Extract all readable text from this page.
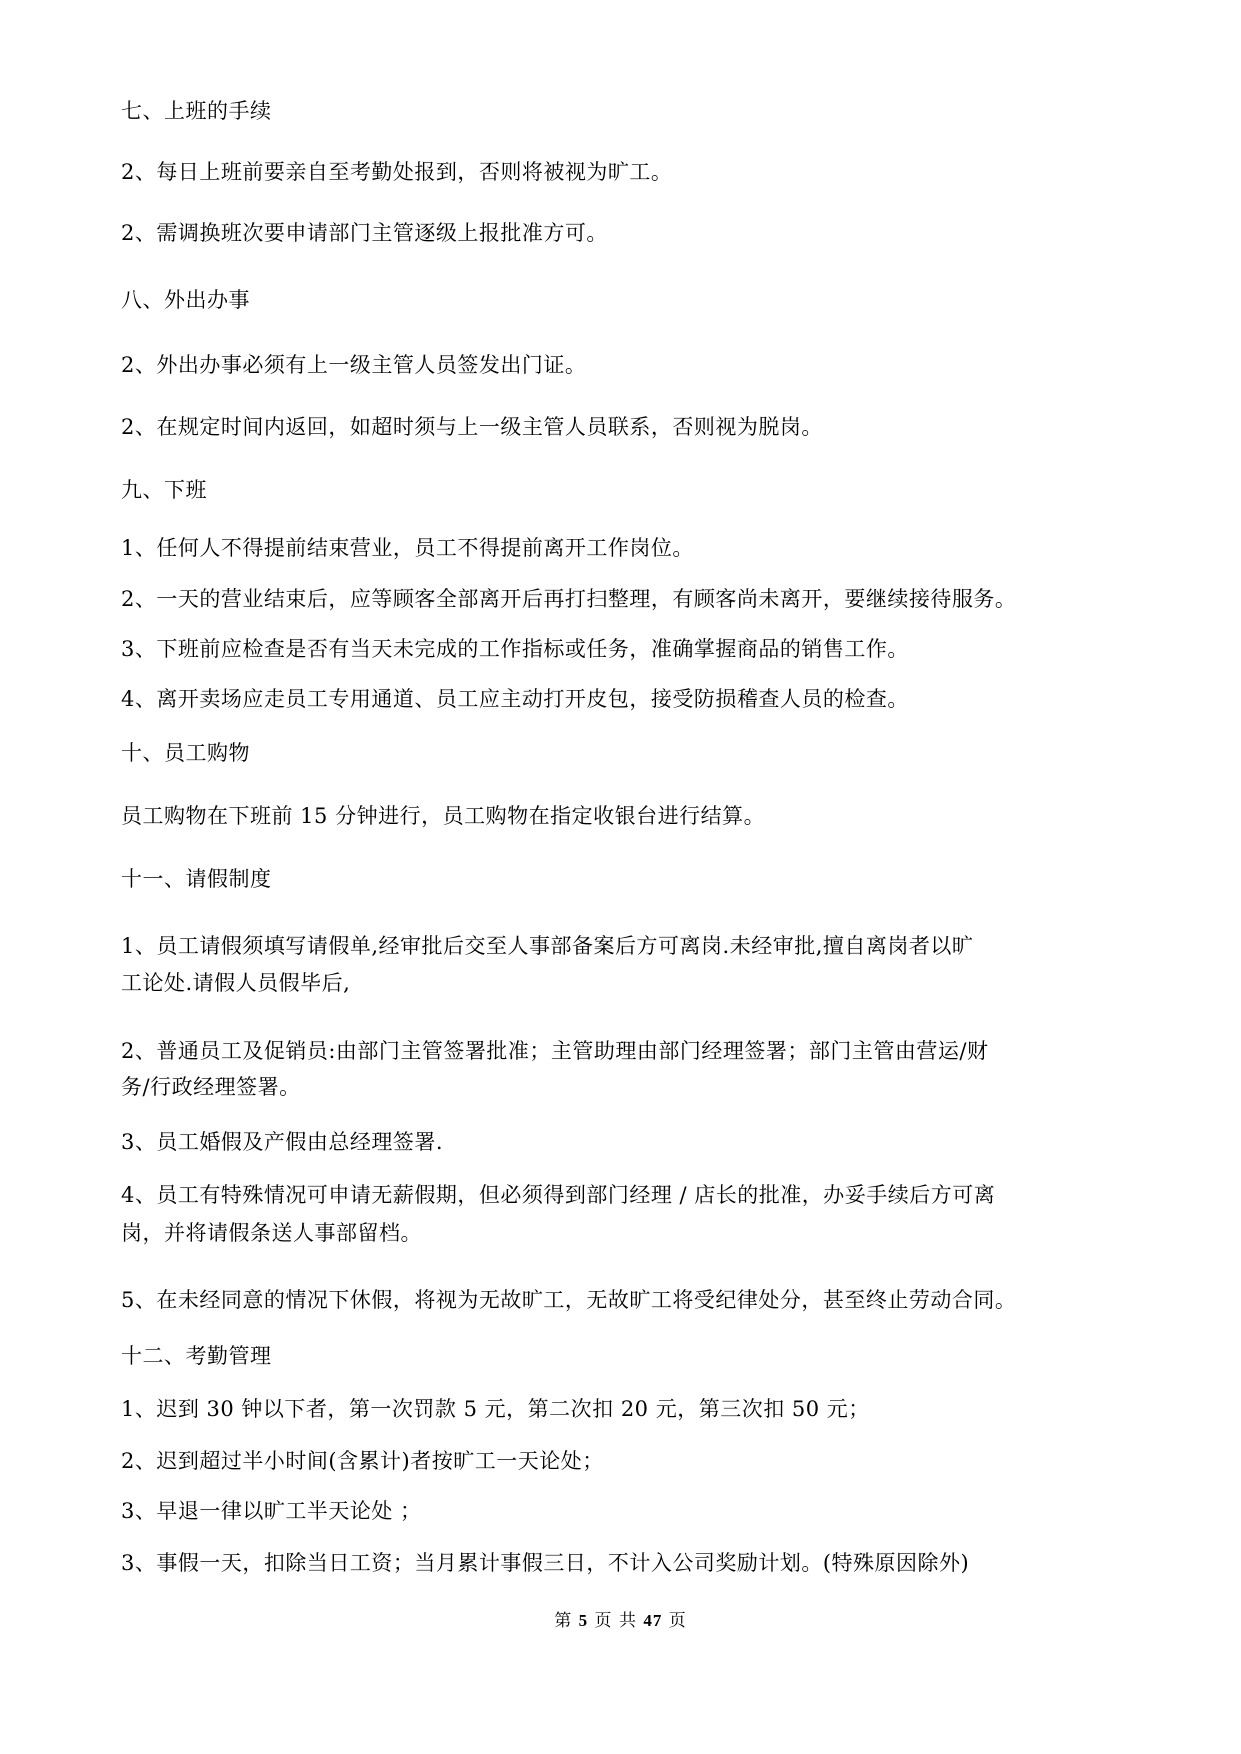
七、上班的手续

2、每日上班前要亲自至考勤处报到，否则将被视为旷工。

2、需调换班次要申请部门主管逐级上报批准方可。

八、外出办事

2、外出办事必须有上一级主管人员签发出门证。

2、在规定时间内返回，如超时须与上一级主管人员联系，否则视为脱岗。

九、下班

1、任何人不得提前结束营业，员工不得提前离开工作岗位。

2、一天的营业结束后，应等顾客全部离开后再打扫整理，有顾客尚未离开，要继续接待服务。

3、下班前应检查是否有当天未完成的工作指标或任务，准确掌握商品的销售工作。

4、离开卖场应走员工专用通道、员工应主动打开皮包，接受防损稽查人员的检查。

十、员工购物

员工购物在下班前 15 分钟进行，员工购物在指定收银台进行结算。

十一、请假制度

1、员工请假须填写请假单,经审批后交至人事部备案后方可离岗.未经审批,擅自离岗者以旷

工论处.请假人员假毕后,

2、普通员工及促销员:由部门主管签署批准；主管助理由部门经理签署；部门主管由营运/财

务/行政经理签署。

3、员工婚假及产假由总经理签署.

4、员工有特殊情况可申请无薪假期，但必须得到部门经理 / 店长的批准，办妥手续后方可离

岗，并将请假条送人事部留档。

5、在未经同意的情况下休假，将视为无故旷工，无故旷工将受纪律处分，甚至终止劳动合同。

十二、考勤管理

1、迟到 30 钟以下者，第一次罚款 5 元，第二次扣 20 元，第三次扣 50 元；

2、迟到超过半小时间(含累计)者按旷工一天论处；

3、早退一律以旷工半天论处 ；

3、事假一天，扣除当日工资；当月累计事假三日，不计入公司奖励计划。(特殊原因除外)

第 5 页 共 47 页
